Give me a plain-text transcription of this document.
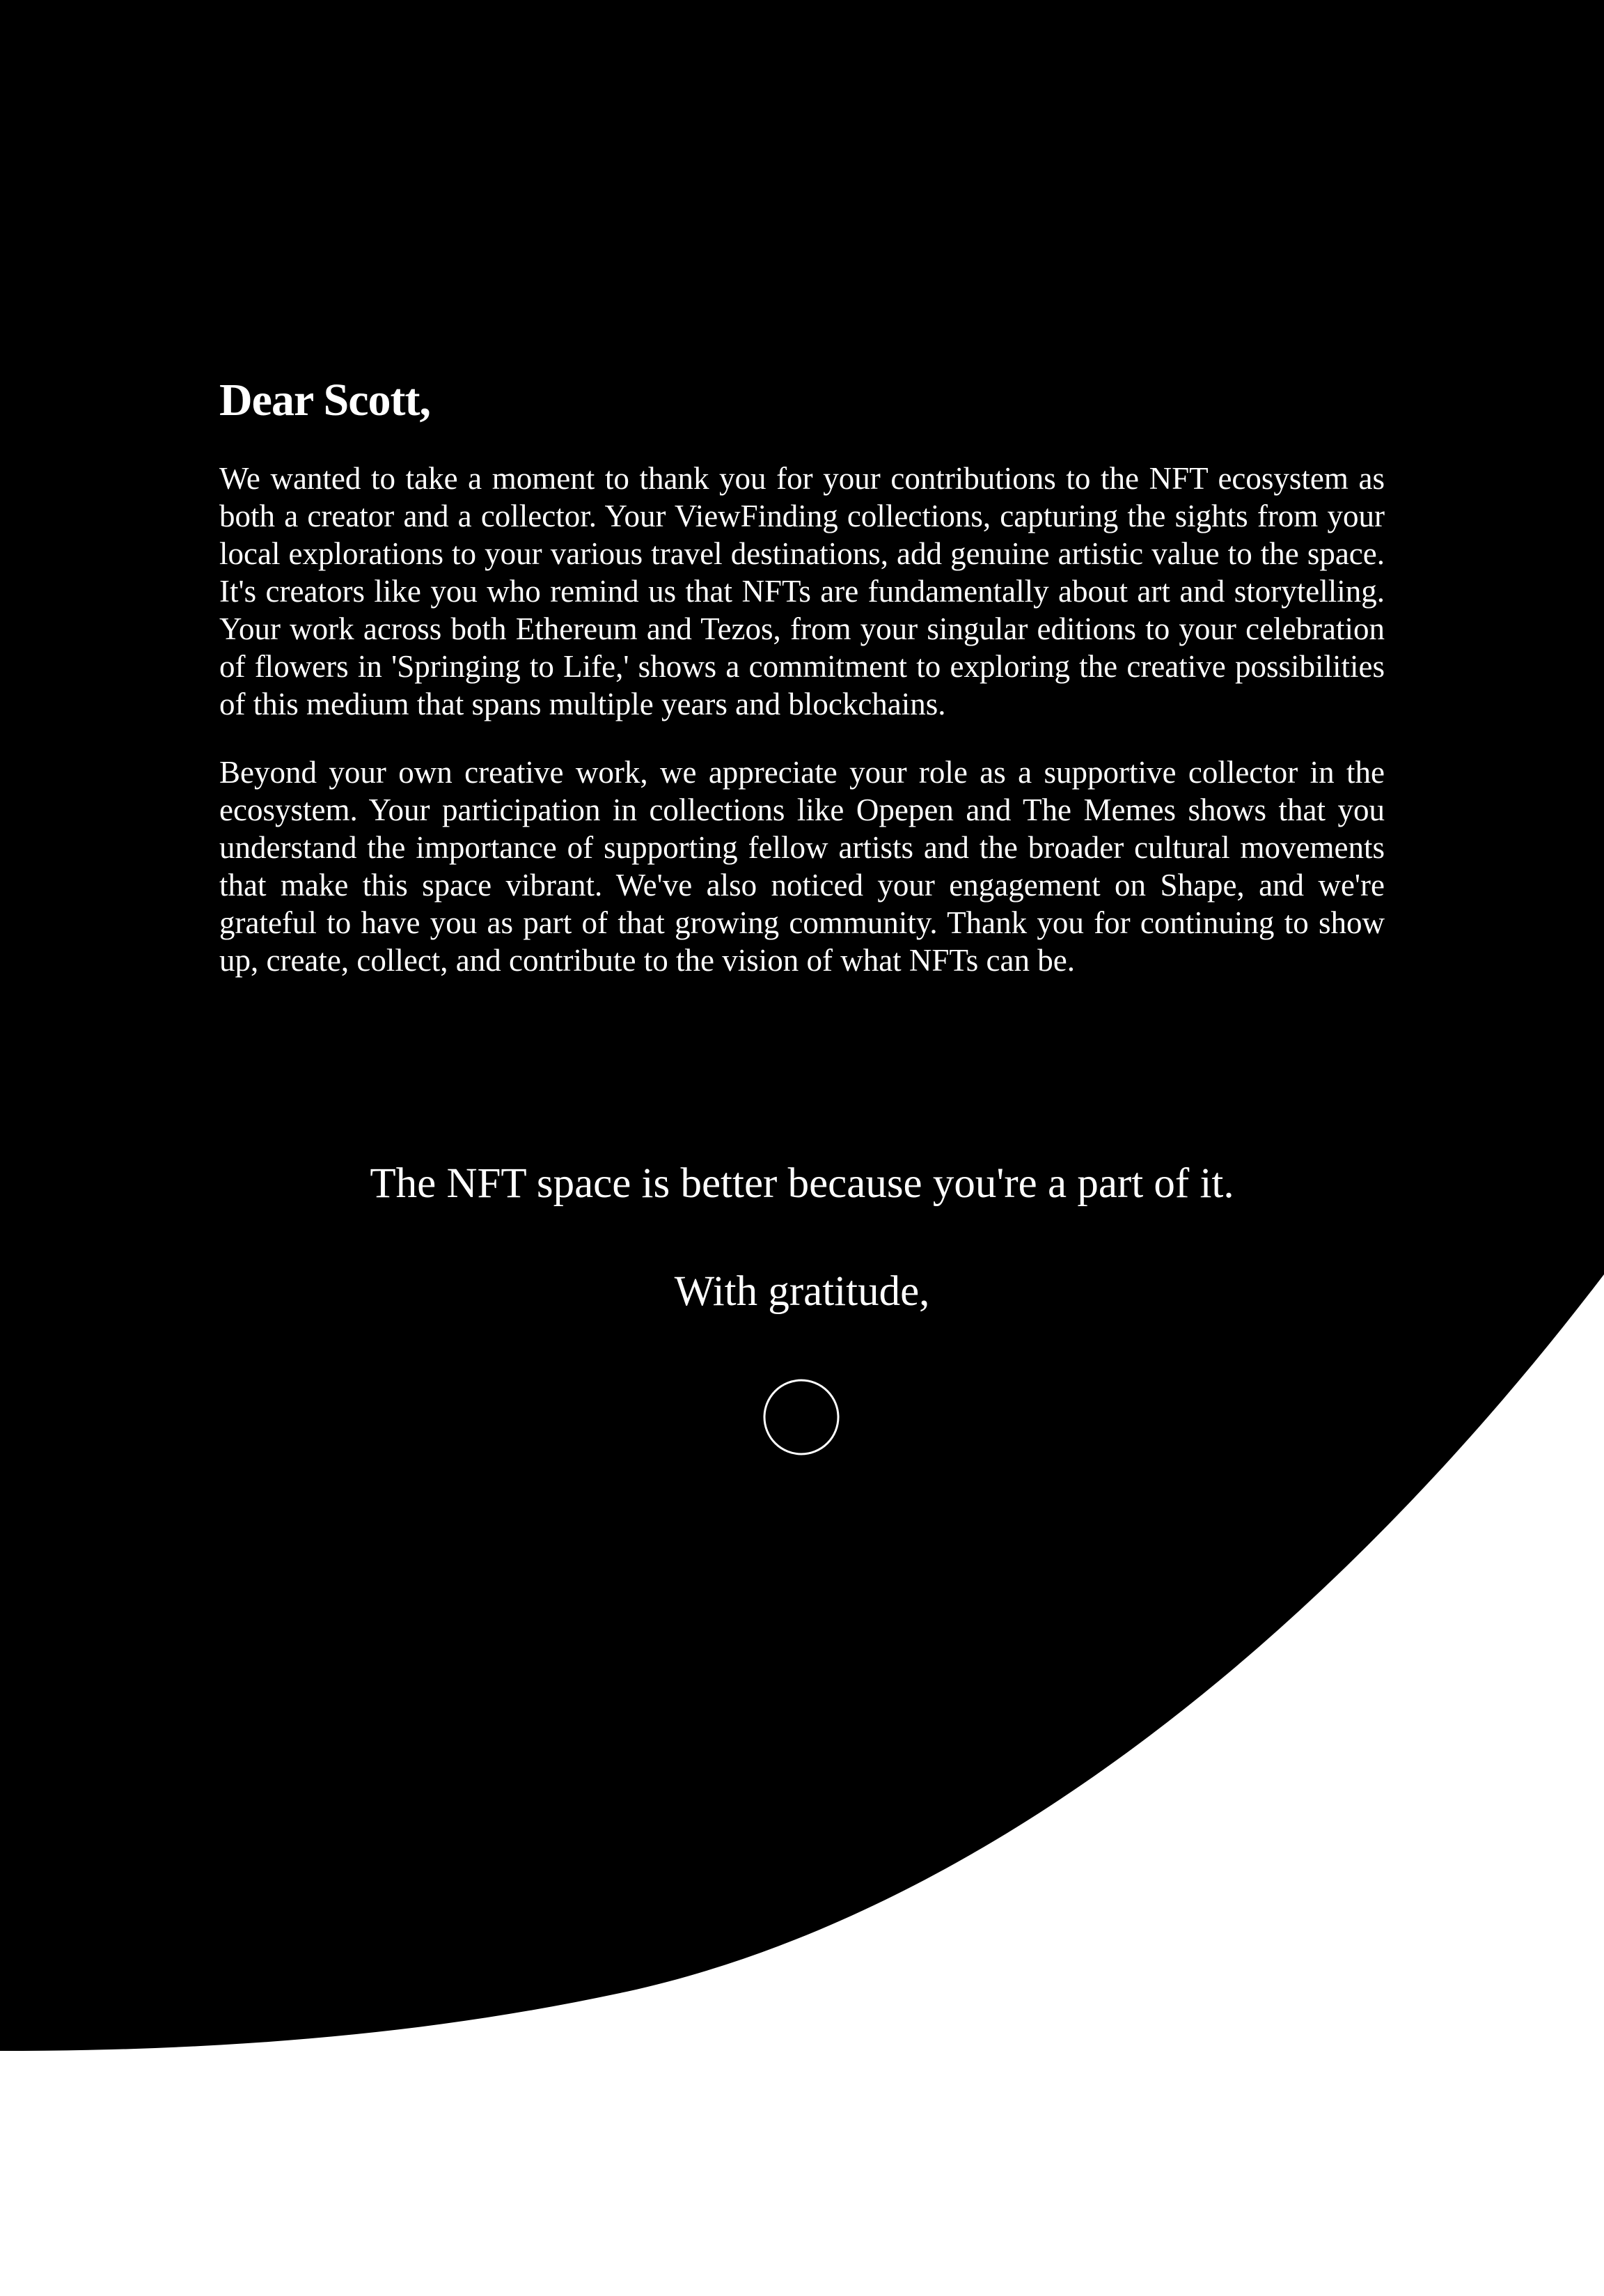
Dear Scott,

We wanted to take a moment to thank you for your contributions to the NFT ecosystem as both a creator and a collector. Your ViewFinding collections, capturing the sights from your local explorations to your various travel destinations, add genuine artistic value to the space. It's creators like you who remind us that NFTs are fundamentally about art and storytelling. Your work across both Ethereum and Tezos, from your singular editions to your celebration of flowers in 'Springing to Life,' shows a commitment to exploring the creative possibilities of this medium that spans multiple years and blockchains.

Beyond your own creative work, we appreciate your role as a supportive collector in the ecosystem. Your participation in collections like Opepen and The Memes shows that you understand the importance of supporting fellow artists and the broader cultural movements that make this space vibrant. We've also noticed your engagement on Shape, and we're grateful to have you as part of that growing community. Thank you for continuing to show up, create, collect, and contribute to the vision of what NFTs can be.

The NFT space is better because you're a part of it.
With gratitude,
